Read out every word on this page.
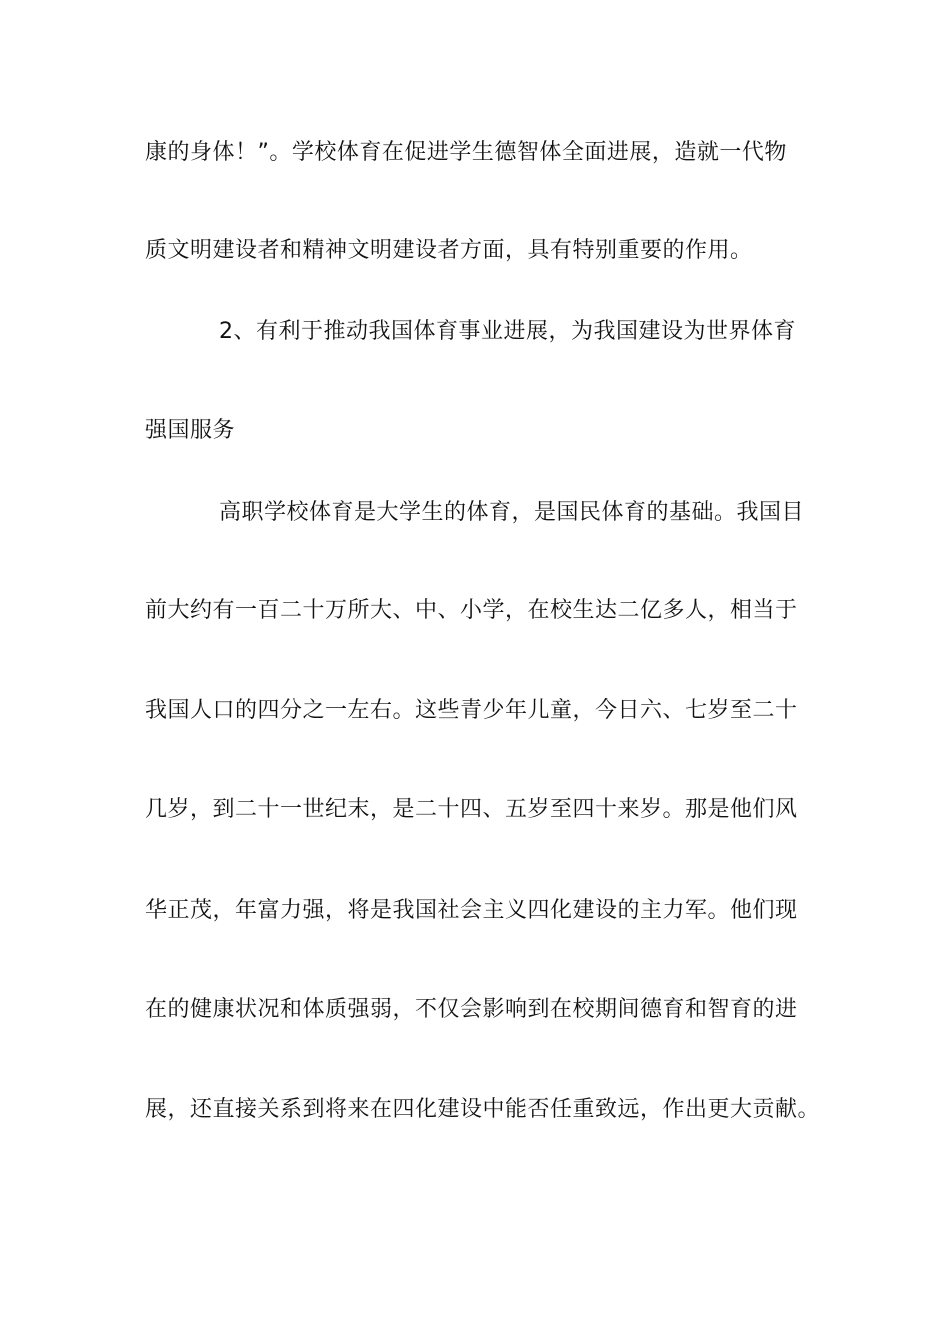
康的身体！”。学校体育在促进学生德智体全面进展，造就一代物
质文明建设者和精神文明建设者方面，具有特别重要的作用。
2、有利于推动我国体育事业进展，为我国建设为世界体育
强国服务
高职学校体育是大学生的体育，是国民体育的基础。我国目
前大约有一百二十万所大、中、小学，在校生达二亿多人，相当于
我国人口的四分之一左右。这些青少年儿童，今日六、七岁至二十
几岁，到二十一世纪末，是二十四、五岁至四十来岁。那是他们风
华正茂，年富力强，将是我国社会主义四化建设的主力军。他们现
在的健康状况和体质强弱，不仅会影响到在校期间德育和智育的进
展，还直接关系到将来在四化建设中能否任重致远，作出更大贡献。
